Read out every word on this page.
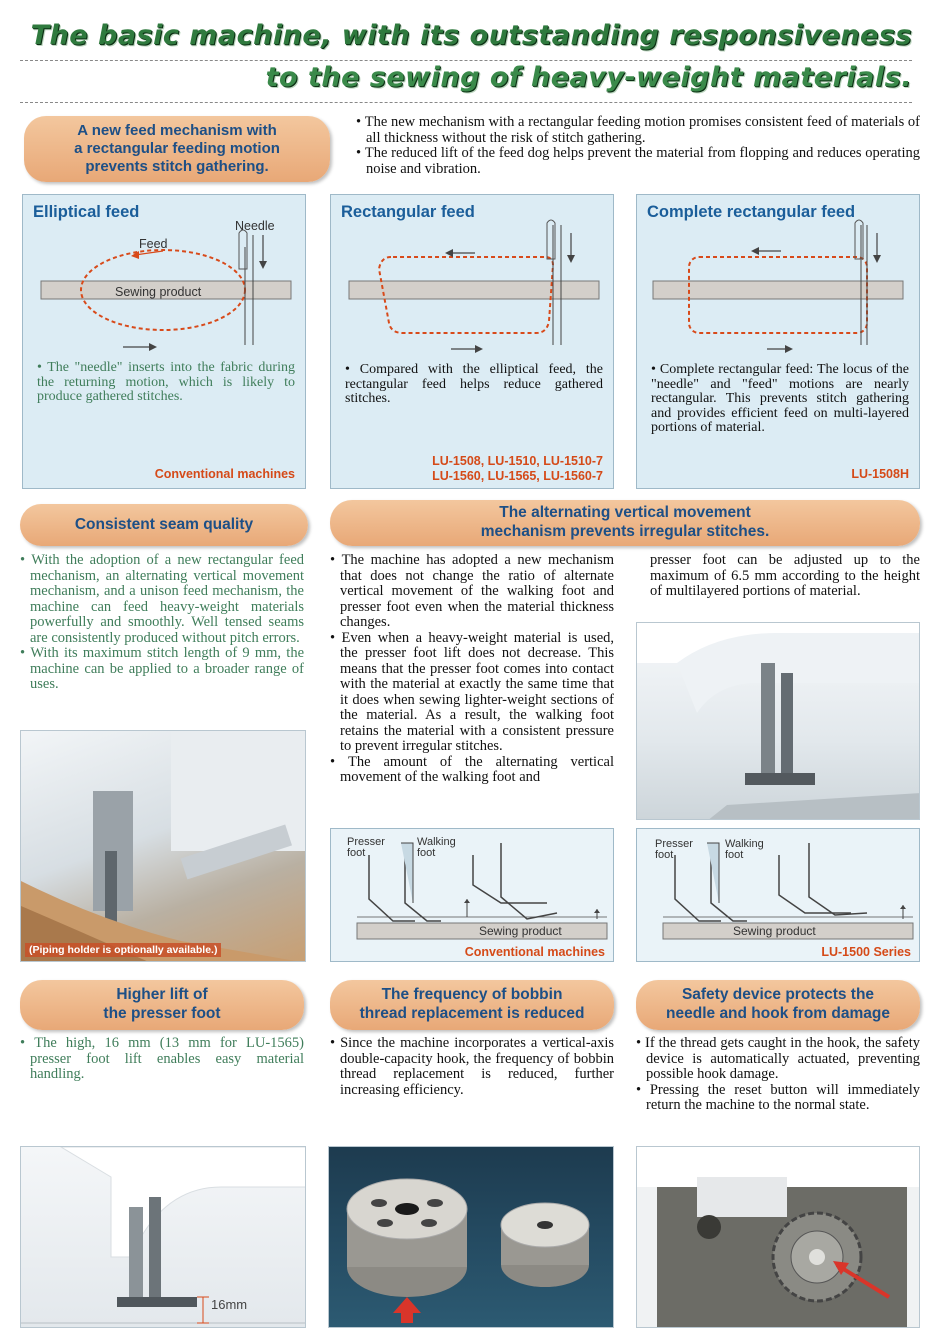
The basic machine, with its outstanding responsiveness
to the sewing of heavy-weight materials.
A new feed mechanism with
a rectangular feeding motion
prevents stitch gathering.
• The new mechanism with a rectangular feeding motion promises consistent feed of materials of all thickness without the risk of stitch gathering.
• The reduced lift of the feed dog helps prevent the material from flopping and reduces operating noise and vibration.
Elliptical feed
Needle
Feed
Sewing product
• The "needle" inserts into the fabric during the returning motion, which is likely to produce gathered stitches.
Conventional machines
Rectangular feed
• Compared with the elliptical feed, the rectangular feed helps reduce gathered stitches.
LU-1508, LU-1510, LU-1510-7
LU-1560, LU-1565, LU-1560-7
Complete rectangular feed
• Complete rectangular feed: The locus of the "needle" and "feed" motions are nearly rectangular. This prevents stitch gathering and provides efficient feed on multi-layered portions of material.
LU-1508H
Consistent seam quality
• With the adoption of a new rectangular feed mechanism, an alternating vertical movement mechanism, and a unison feed mechanism, the machine can feed heavy-weight materials powerfully and smoothly. Well tensed seams are consistently produced without pitch errors.
• With its maximum stitch length of 9 mm, the machine can be applied to a broader range of uses.
(Piping holder is optionally available.)
The alternating vertical movement
mechanism prevents irregular stitches.
• The machine has adopted a new mechanism that does not change the ratio of alternate vertical movement of the walking foot and presser foot even when the material thickness changes.
• Even when a heavy-weight material is used, the presser foot lift does not decrease. This means that the presser foot comes into contact with the material at exactly the same time that it does when sewing lighter-weight sections of the material. As a result, the walking foot retains the material with a consistent pressure to prevent irregular stitches.
• The amount of the alternating vertical movement of the walking foot and
presser foot can be adjusted up to the maximum of 6.5 mm according to the height of multilayered portions of material.
Presser
foot
Walking
foot
Sewing product
Conventional machines
Presser
foot
Walking
foot
Sewing product
LU-1500 Series
Higher lift of
the presser foot
• The high, 16 mm (13 mm for LU-1565) presser foot lift enables easy material handling.
16mm
The frequency of bobbin
thread replacement is reduced
• Since the machine incorporates a vertical-axis double-capacity hook, the frequency of bobbin thread replacement is reduced, further increasing efficiency.
Safety device protects the
needle and hook from damage
• If the thread gets caught in the hook, the safety device is automatically actuated, preventing possible hook damage.
• Pressing the reset button will immediately return the machine to the normal state.
